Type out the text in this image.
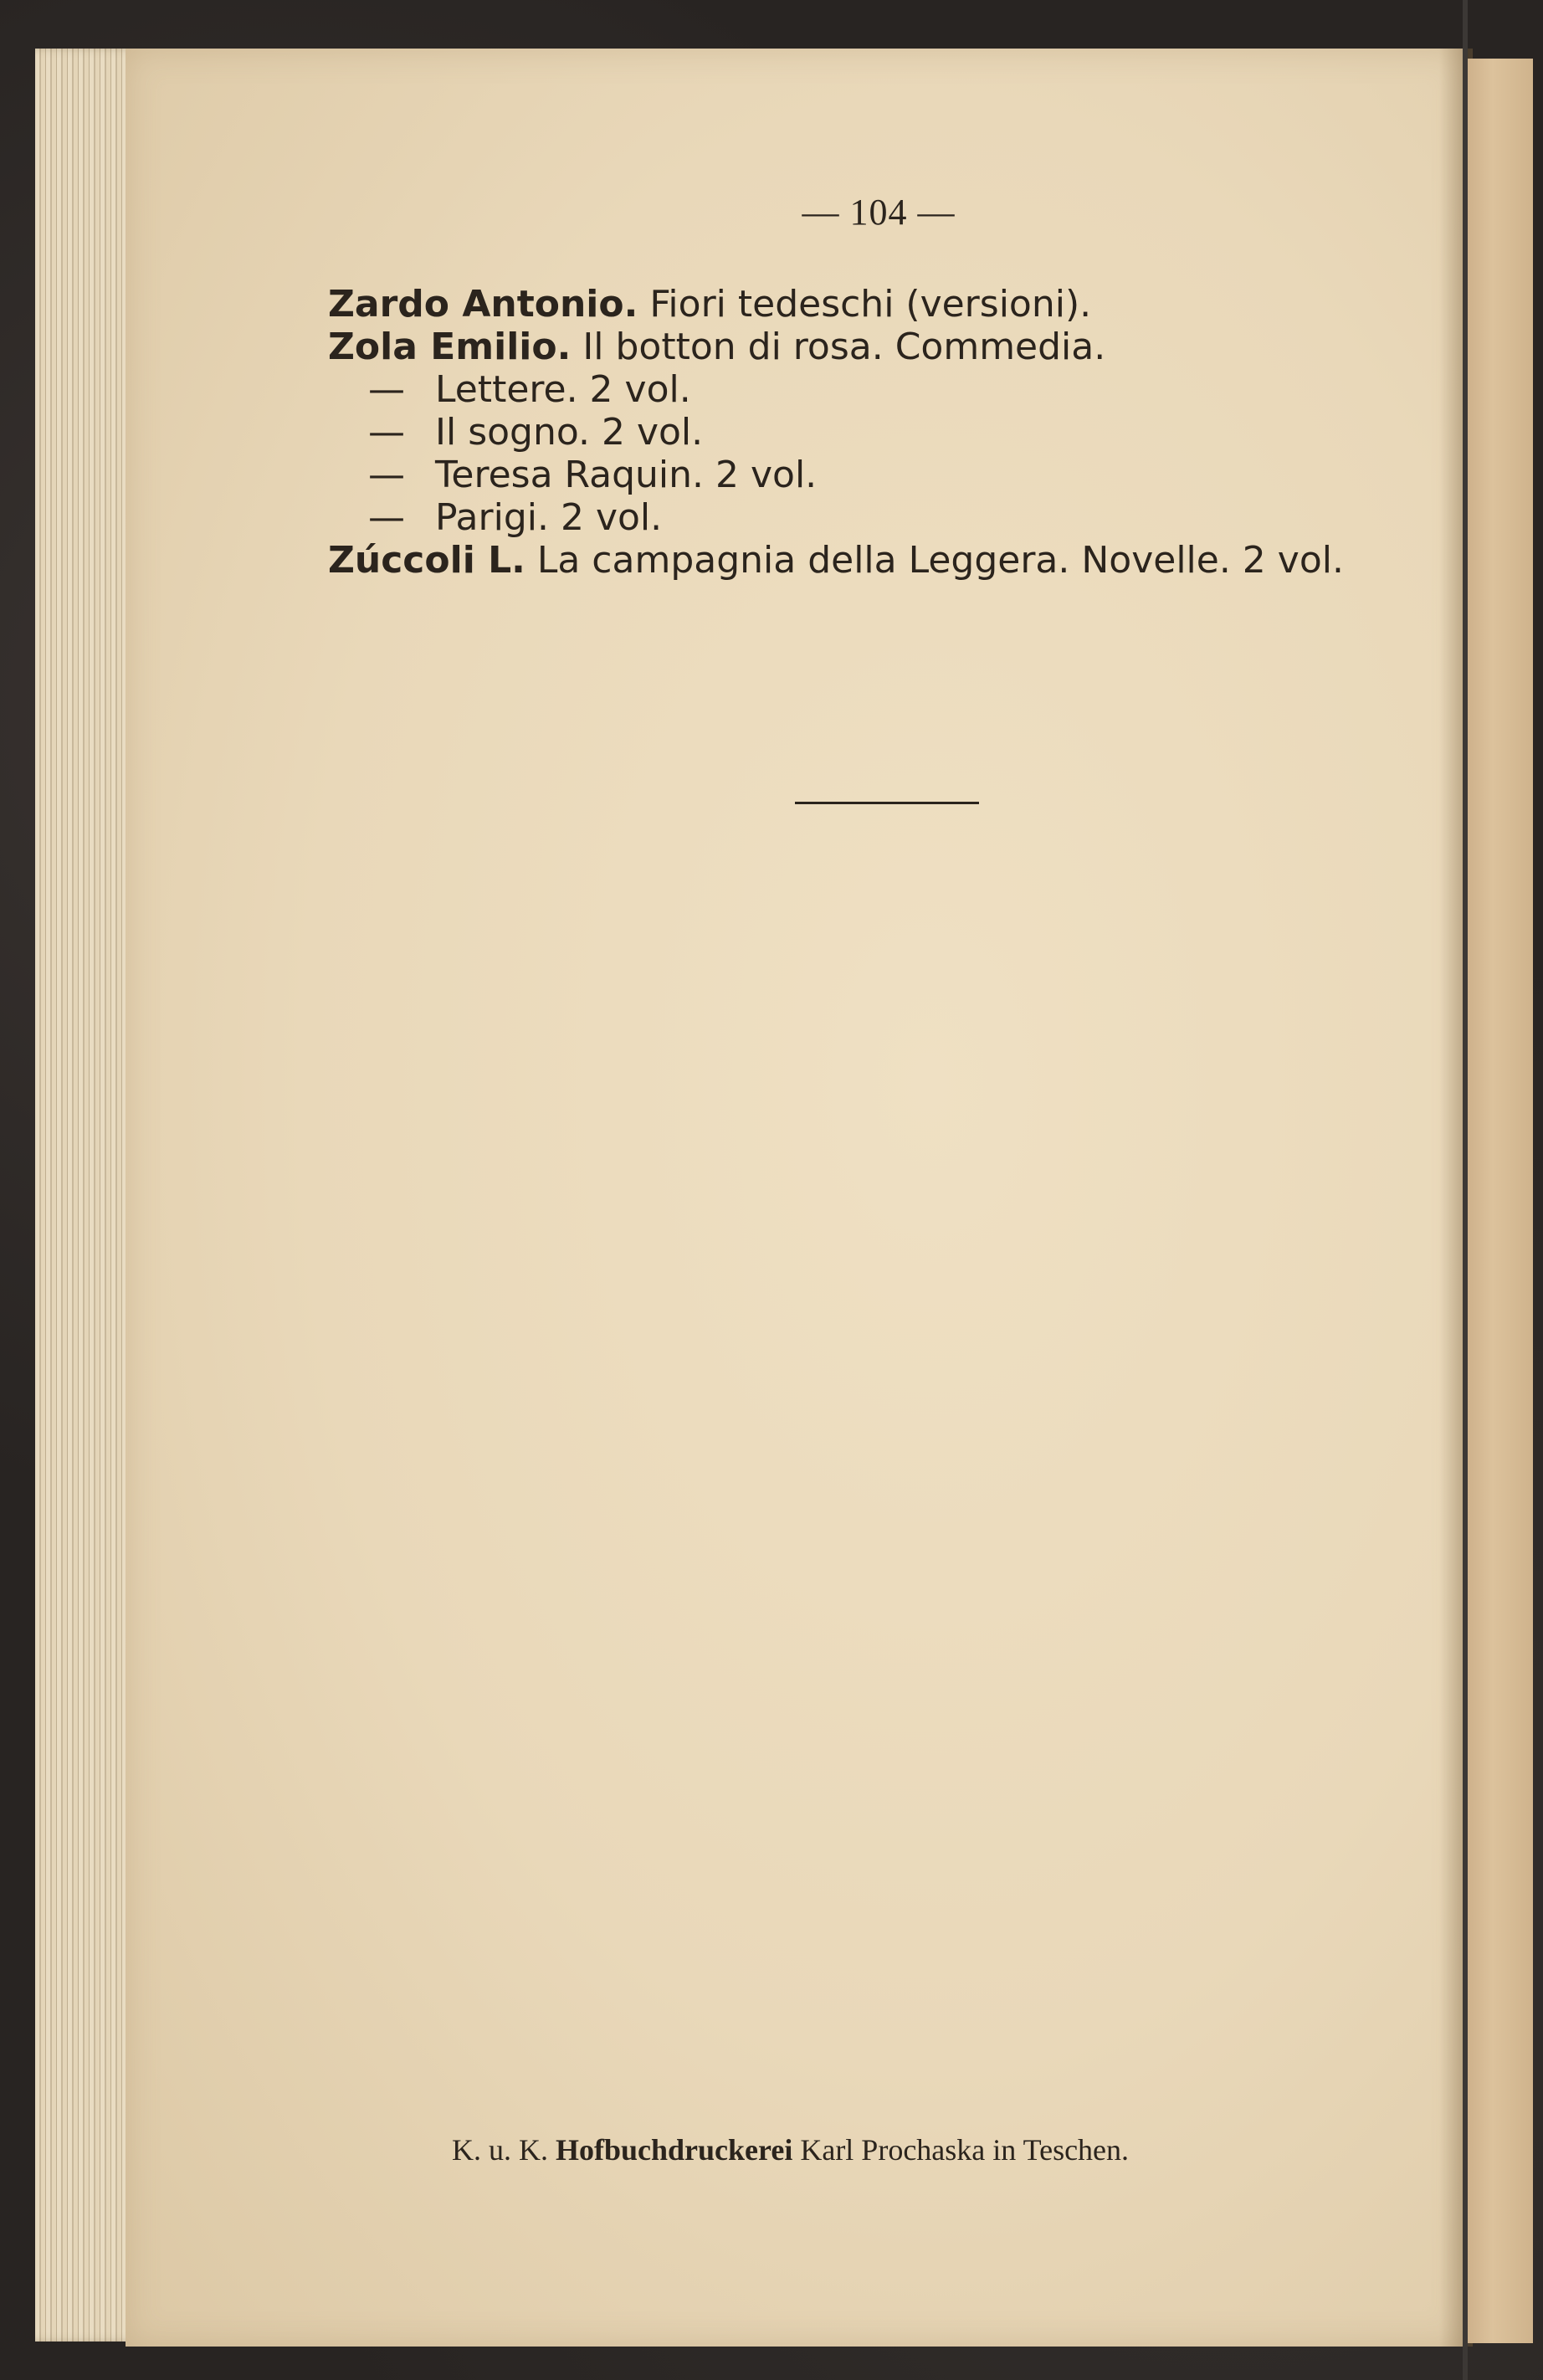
— 104 —
Zardo Antonio. Fiori tedeschi (versioni).
Zola Emilio. Il botton di rosa. Commedia.
— Lettere. 2 vol.
— Il sogno. 2 vol.
— Teresa Raquin. 2 vol.
— Parigi. 2 vol.
Zúccoli L. La campagnia della Leggera. Novelle. 2 vol.
K. u. K. Hofbuchdruckerei Karl Prochaska in Teschen.
